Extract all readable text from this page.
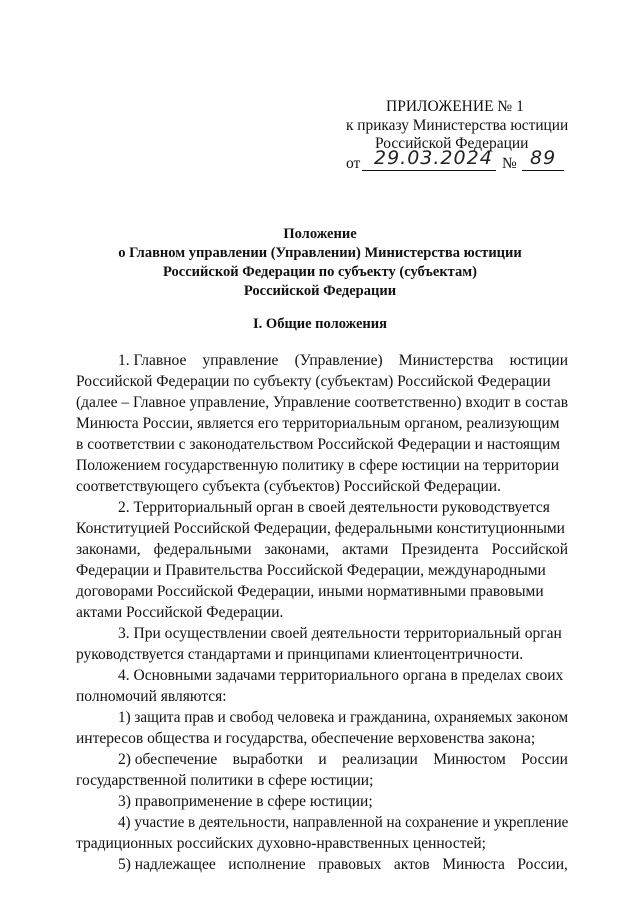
ПРИЛОЖЕНИЕ № 1
к приказу Министерства юстиции
Российской Федерации
от 29.03.2024 № 89
Положение
о Главном управлении (Управлении) Министерства юстиции
Российской Федерации по субъекту (субъектам)
Российской Федерации
I. Общие положения
1. Главное управление (Управление) Министерства юстиции
Российской Федерации по субъекту (субъектам) Российской Федерации
(далее – Главное управление, Управление соответственно) входит в состав
Минюста России, является его территориальным органом, реализующим
в соответствии с законодательством Российской Федерации и настоящим
Положением государственную политику в сфере юстиции на территории
соответствующего субъекта (субъектов) Российской Федерации.
2. Территориальный орган в своей деятельности руководствуется
Конституцией Российской Федерации, федеральными конституционными
законами, федеральными законами, актами Президента Российской
Федерации и Правительства Российской Федерации, международными
договорами Российской Федерации, иными нормативными правовыми
актами Российской Федерации.
3. При осуществлении своей деятельности территориальный орган
руководствуется стандартами и принципами клиентоцентричности.
4. Основными задачами территориального органа в пределах своих
полномочий являются:
1) защита прав и свобод человека и гражданина, охраняемых законом
интересов общества и государства, обеспечение верховенства закона;
2) обеспечение выработки и реализации Минюстом России
государственной политики в сфере юстиции;
3) правоприменение в сфере юстиции;
4) участие в деятельности, направленной на сохранение и укрепление
традиционных российских духовно-нравственных ценностей;
5) надлежащее исполнение правовых актов Минюста России,
